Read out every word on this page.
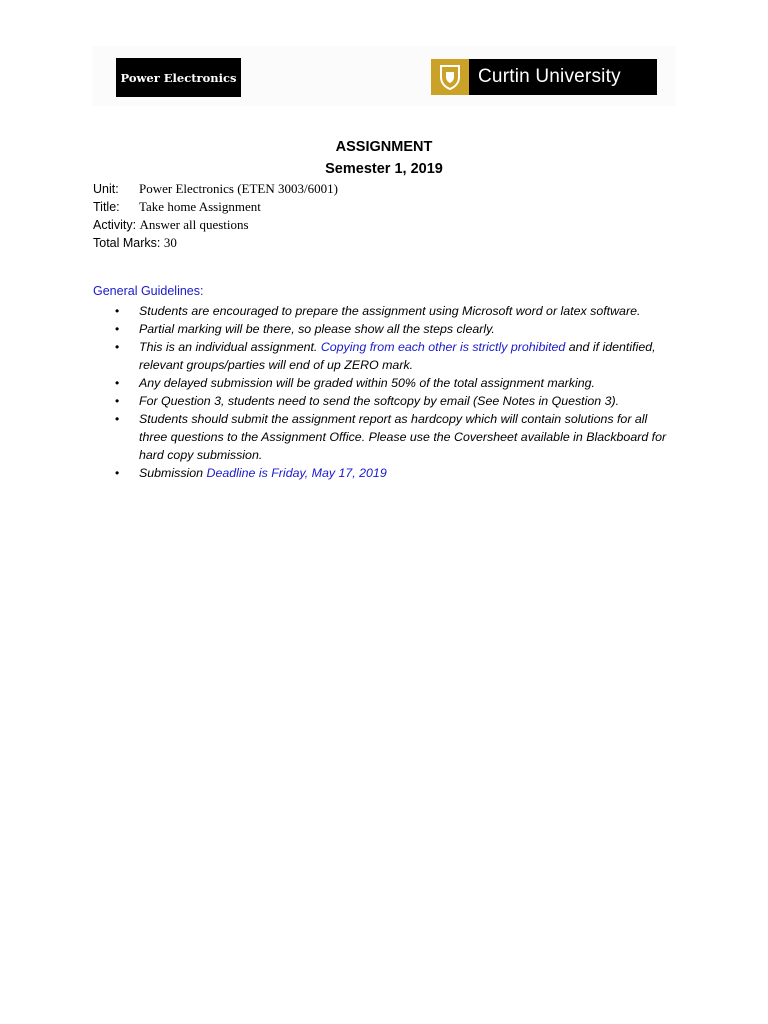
Power Electronics	Curtin University
ASSIGNMENT
Semester 1, 2019
Unit: Power Electronics (ETEN 3003/6001)
Title: Take home Assignment
Activity: Answer all questions
Total Marks: 30
General Guidelines:
• Students are encouraged to prepare the assignment using Microsoft word or latex software.
• Partial marking will be there, so please show all the steps clearly.
• This is an individual assignment. Copying from each other is strictly prohibited and if identified, relevant groups/parties will end of up ZERO mark.
• Any delayed submission will be graded within 50% of the total assignment marking.
• For Question 3, students need to send the softcopy by email (See Notes in Question 3).
• Students should submit the assignment report as hardcopy which will contain solutions for all three questions to the Assignment Office. Please use the Coversheet available in Blackboard for hard copy submission.
• Submission Deadline is Friday, May 17, 2019
